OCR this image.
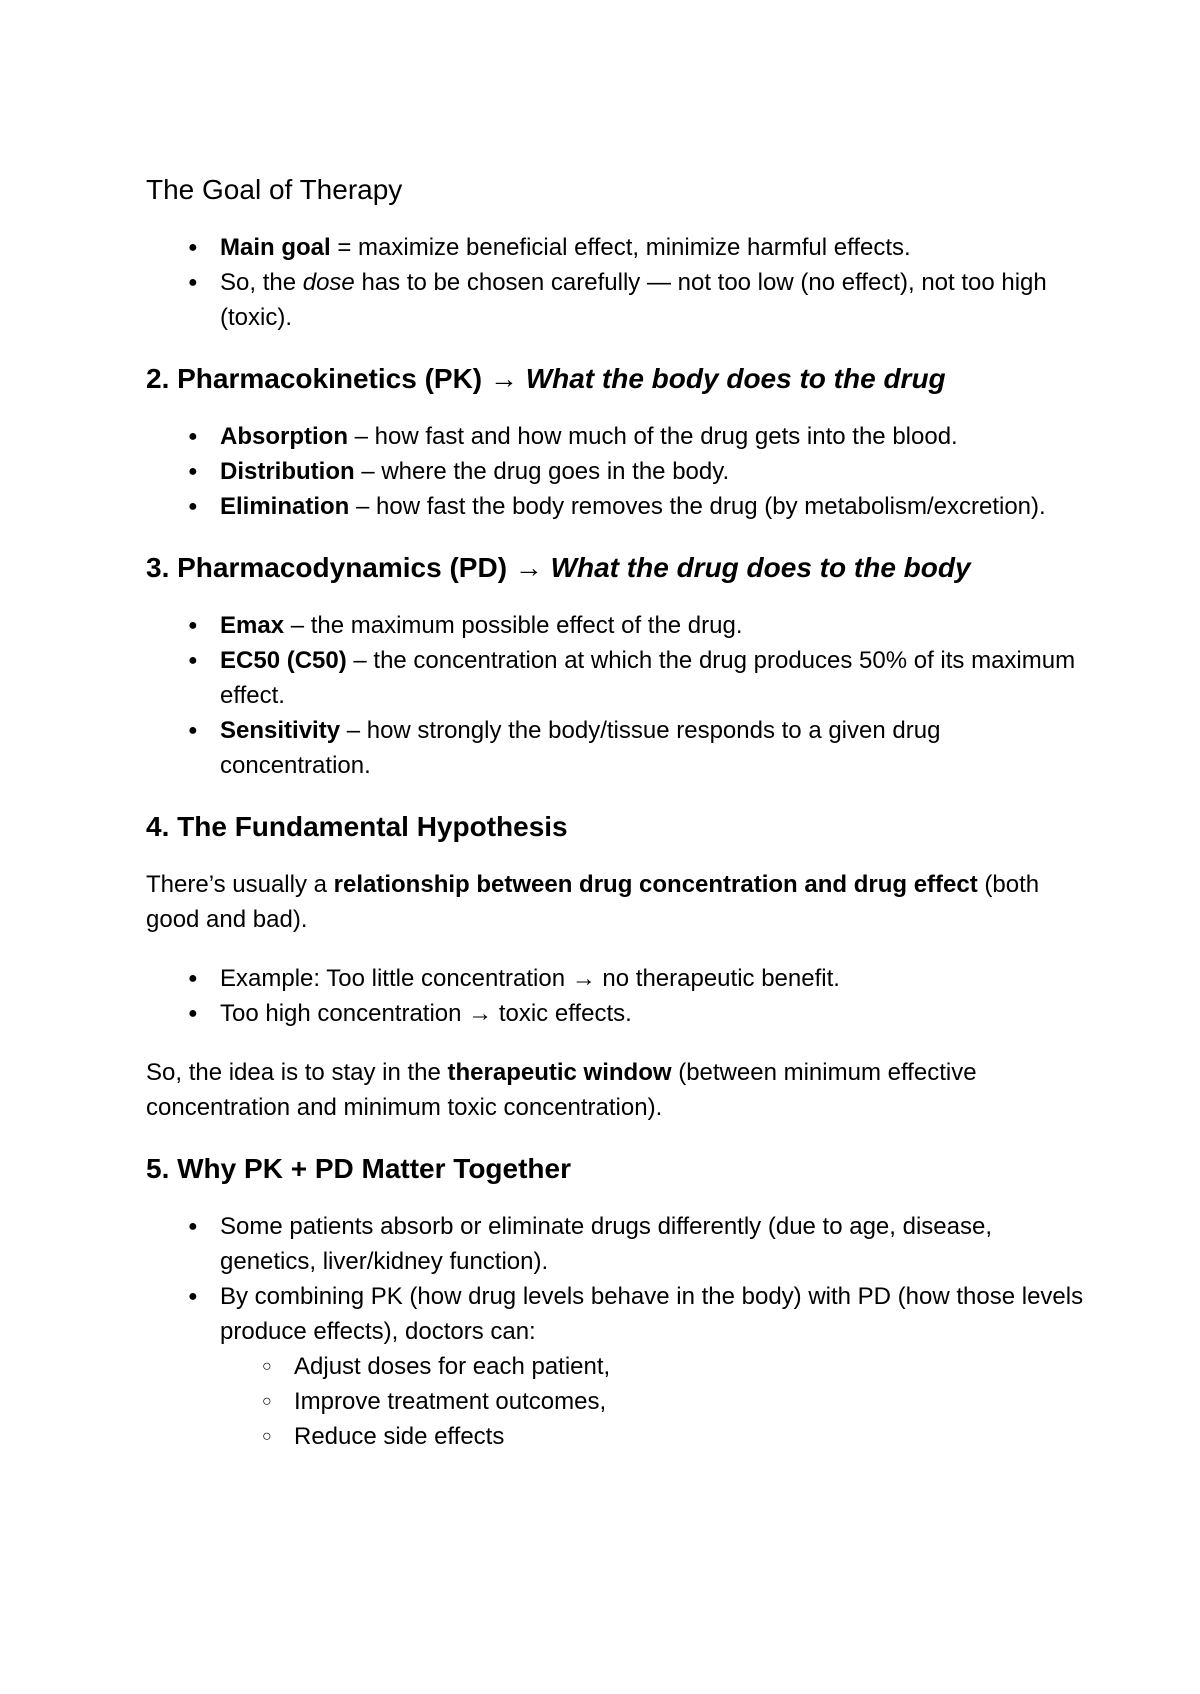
The Goal of Therapy
● Main goal = maximize beneficial effect, minimize harmful effects.
● So, the dose has to be chosen carefully — not too low (no effect), not too high (toxic).
2. Pharmacokinetics (PK) → What the body does to the drug
● Absorption – how fast and how much of the drug gets into the blood.
● Distribution – where the drug goes in the body.
● Elimination – how fast the body removes the drug (by metabolism/excretion).
3. Pharmacodynamics (PD) → What the drug does to the body
● Emax – the maximum possible effect of the drug.
● EC50 (C50) – the concentration at which the drug produces 50% of its maximum effect.
● Sensitivity – how strongly the body/tissue responds to a given drug concentration.
4. The Fundamental Hypothesis

There’s usually a relationship between drug concentration and drug effect (both good and bad).

● Example: Too little concentration → no therapeutic benefit.
● Too high concentration → toxic effects.

So, the idea is to stay in the therapeutic window (between minimum effective concentration and minimum toxic concentration).

5. Why PK + PD Matter Together
● Some patients absorb or eliminate drugs differently (due to age, disease, genetics, liver/kidney function).
● By combining PK (how drug levels behave in the body) with PD (how those levels produce effects), doctors can:
○ Adjust doses for each patient,
○ Improve treatment outcomes,
○ Reduce side effects
